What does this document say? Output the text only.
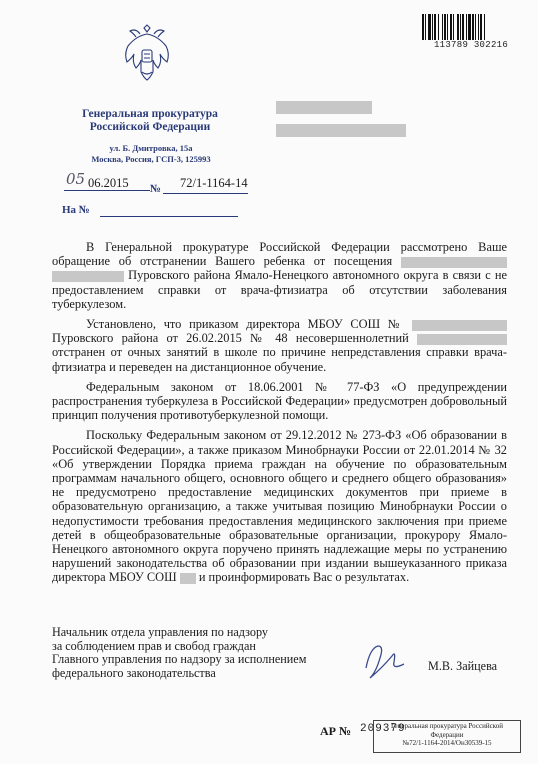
113789 302216
Генеральная прокуратура
Российской Федерации
ул. Б. Дмитровка, 15а
Москва, Россия, ГСП-3, 125993
05 06.2015 № 72/1-1164-14
На №

В Генеральной прокуратуре Российской Федерации рассмотрено Ваше обращение об отстранении Вашего ребенка от посещения   Пуровского района Ямало-Ненецкого автономного округа в связи с не предоставлением справки от врача-фтизиатра об отсутствии заболевания туберкулезом.

Установлено, что приказом директора МБОУ СОШ №  Пуровского района от 26.02.2015 № 48 несовершеннолетний  отстранен от очных занятий в школе по причине непредставления справки врача-фтизиатра и переведен на дистанционное обучение.

Федеральным законом от 18.06.2001 № 77-ФЗ «О предупреждении распространения туберкулеза в Российской Федерации» предусмотрен добровольный принцип получения противотуберкулезной помощи.

Поскольку Федеральным законом от 29.12.2012 № 273-ФЗ «Об образовании в Российской Федерации», а также приказом Минобрнауки России от 22.01.2014 № 32 «Об утверждении Порядка приема граждан на обучение по образовательным программам начального общего, основного общего и среднего общего образования» не предусмотрено предоставление медицинских документов при приеме в образовательную организацию, а также учитывая позицию Минобрнауки России о недопустимости требования предоставления медицинского заключения при приеме детей в общеобразовательные образовательные организации, прокурору Ямало-Ненецкого автономного округа поручено принять надлежащие меры по устранению нарушений законодательства об образовании при издании вышеуказанного приказа директора МБОУ СОШ и проинформировать Вас о результатах.

Начальник отдела управления по надзору
за соблюдением прав и свобод граждан
Главного управления по надзору за исполнением
федерального законодательства	М.В. Зайцева
АР № 209379
Генеральная прокуратура Российской
Федерации
№72/1-1164-2014/Он30539-15
